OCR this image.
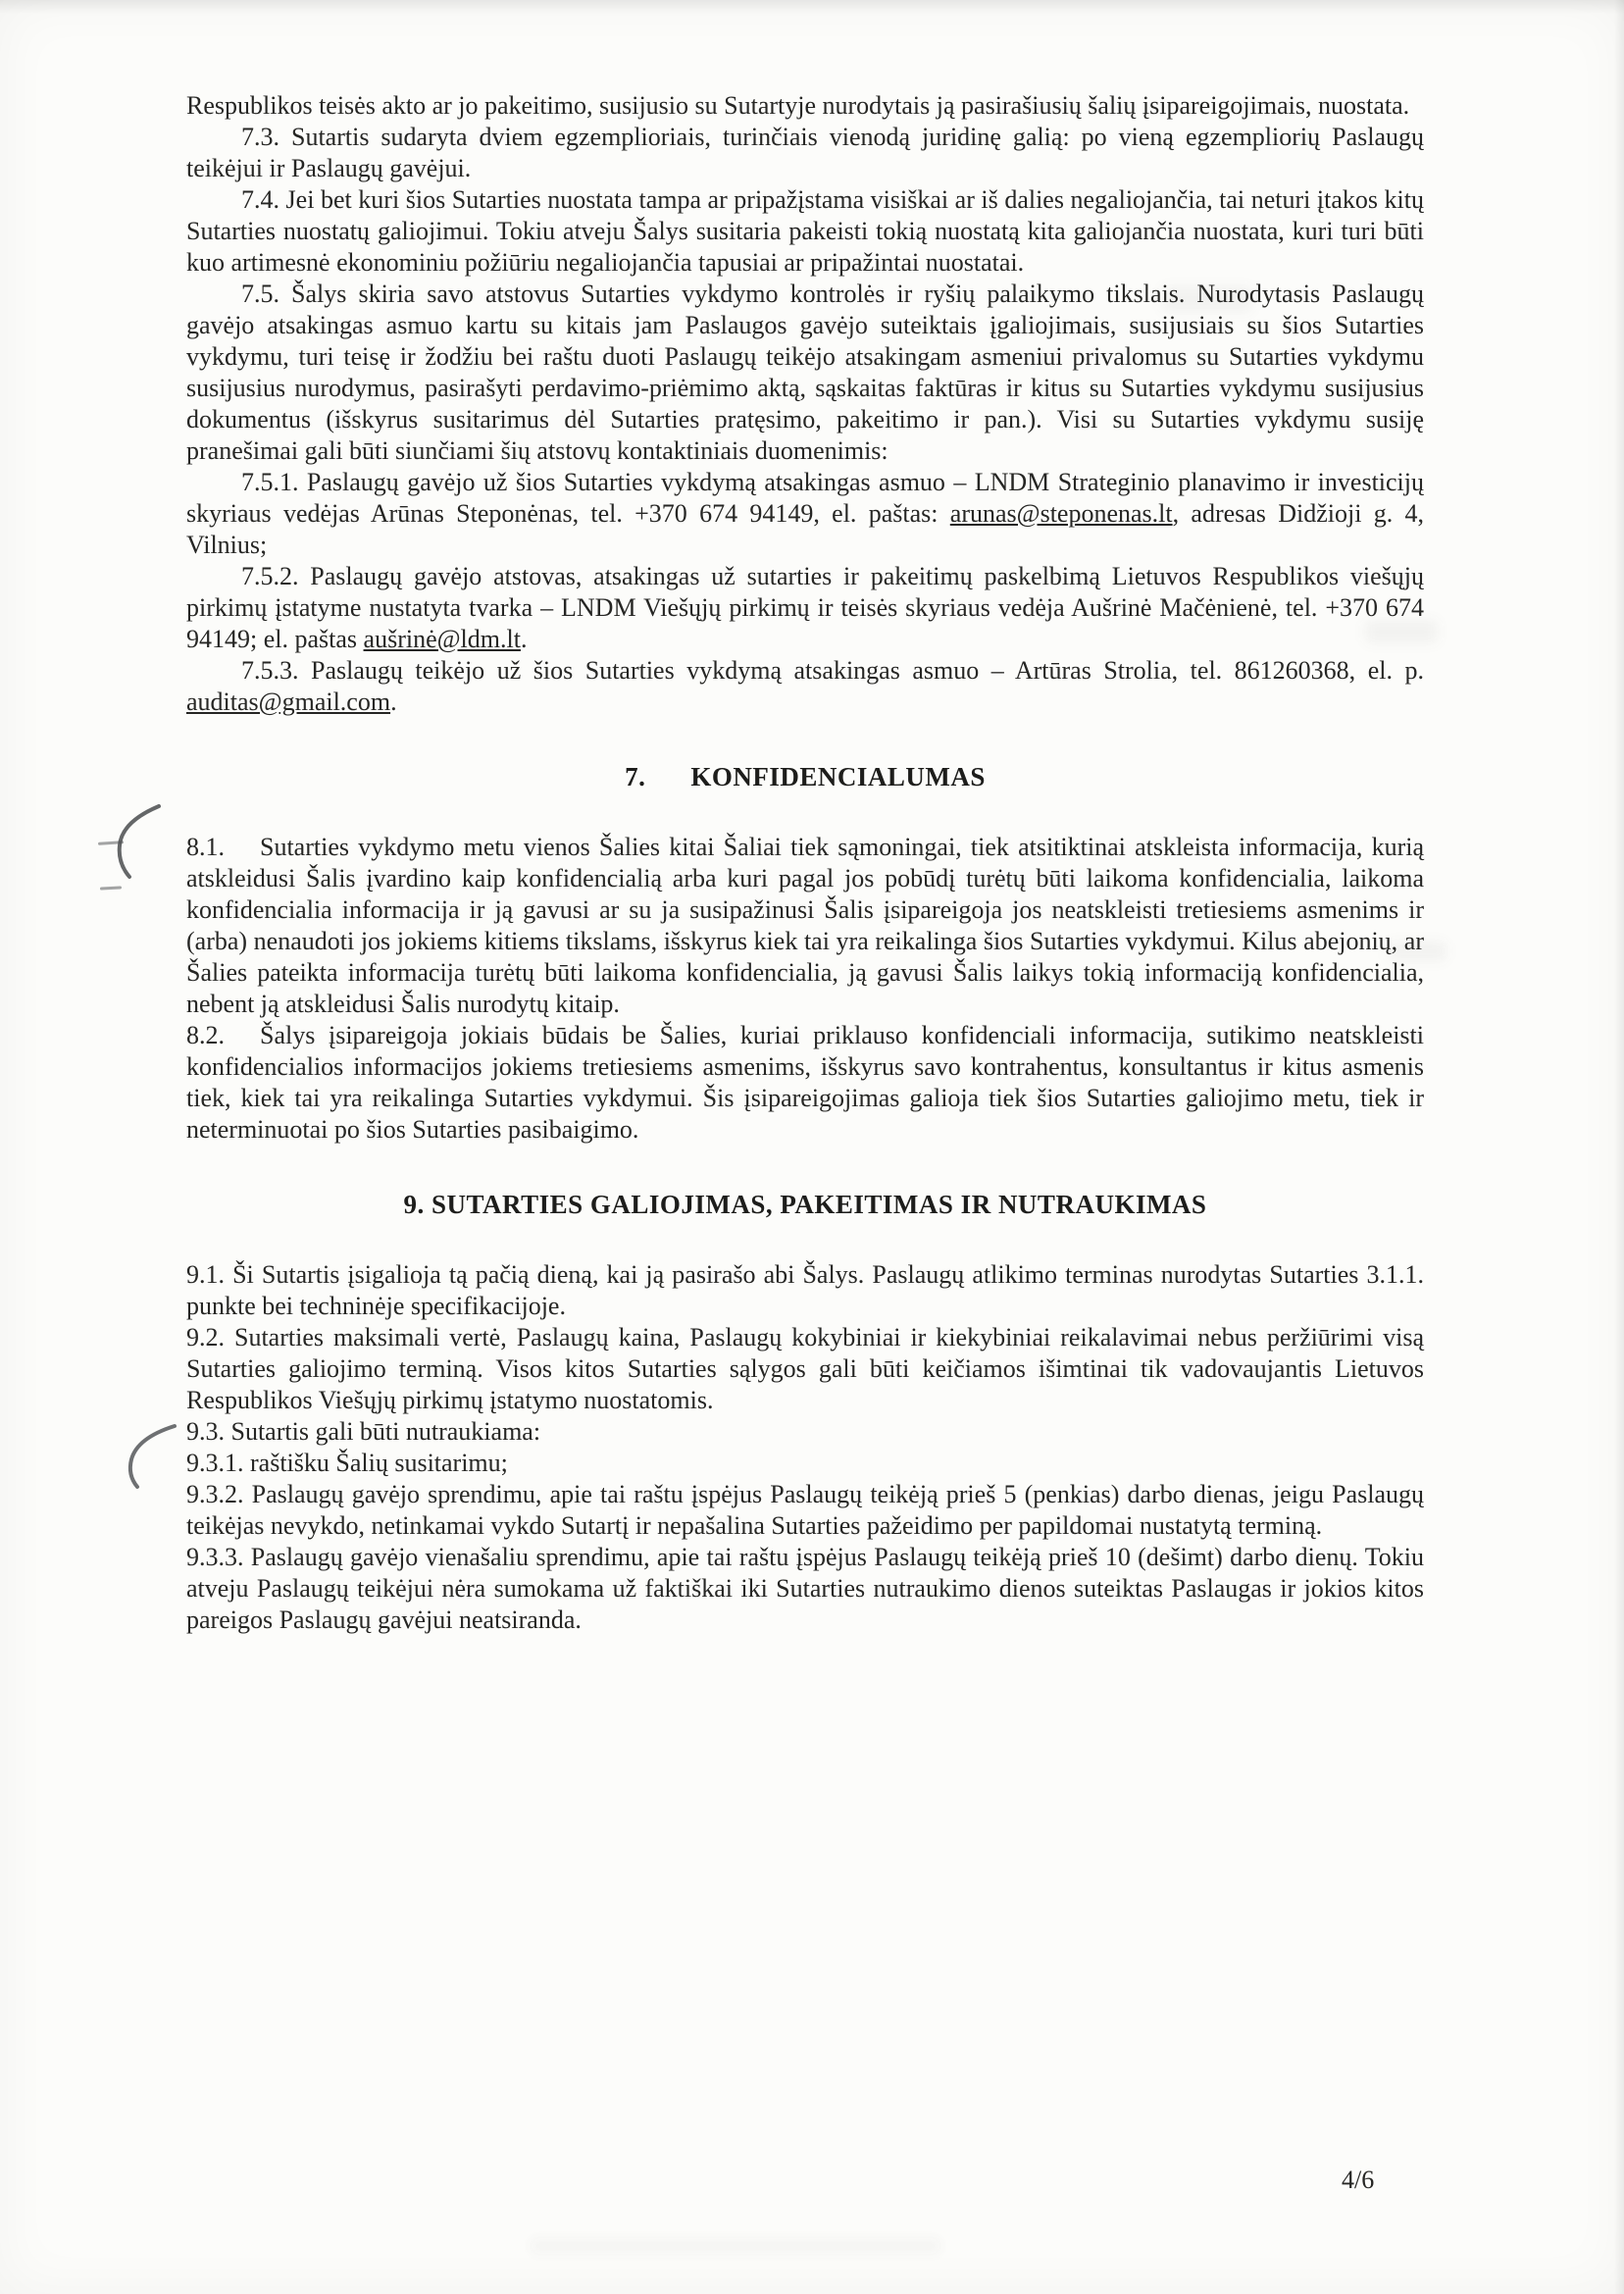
Respublikos teisės akto ar jo pakeitimo, susijusio su Sutartyje nurodytais ją pasirašiusių šalių įsipareigojimais, nuostata.

7.3. Sutartis sudaryta dviem egzemplioriais, turinčiais vienodą juridinę galią: po vieną egzempliorių Paslaugų teikėjui ir Paslaugų gavėjui.

7.4. Jei bet kuri šios Sutarties nuostata tampa ar pripažįstama visiškai ar iš dalies negaliojančia, tai neturi įtakos kitų Sutarties nuostatų galiojimui. Tokiu atveju Šalys susitaria pakeisti tokią nuostatą kita galiojančia nuostata, kuri turi būti kuo artimesnė ekonominiu požiūriu negaliojančia tapusiai ar pripažintai nuostatai.

7.5. Šalys skiria savo atstovus Sutarties vykdymo kontrolės ir ryšių palaikymo tikslais. Nurodytasis Paslaugų gavėjo atsakingas asmuo kartu su kitais jam Paslaugos gavėjo suteiktais įgaliojimais, susijusiais su šios Sutarties vykdymu, turi teisę ir žodžiu bei raštu duoti Paslaugų teikėjo atsakingam asmeniui privalomus su Sutarties vykdymu susijusius nurodymus, pasirašyti perdavimo-priėmimo aktą, sąskaitas faktūras ir kitus su Sutarties vykdymu susijusius dokumentus (išskyrus susitarimus dėl Sutarties pratęsimo, pakeitimo ir pan.). Visi su Sutarties vykdymu susiję pranešimai gali būti siunčiami šių atstovų kontaktiniais duomenimis:

7.5.1. Paslaugų gavėjo už šios Sutarties vykdymą atsakingas asmuo – LNDM Strateginio planavimo ir investicijų skyriaus vedėjas Arūnas Steponėnas, tel. +370 674 94149, el. paštas: arunas@steponenas.lt, adresas Didžioji g. 4, Vilnius;

7.5.2. Paslaugų gavėjo atstovas, atsakingas už sutarties ir pakeitimų paskelbimą Lietuvos Respublikos viešųjų pirkimų įstatyme nustatyta tvarka – LNDM Viešųjų pirkimų ir teisės skyriaus vedėja Aušrinė Mačėnienė, tel. +370 674 94149; el. paštas aušrinė@ldm.lt.

7.5.3. Paslaugų teikėjo už šios Sutarties vykdymą atsakingas asmuo – Artūras Strolia, tel. 861260368, el. p. auditas@gmail.com.

7. KONFIDENCIALUMAS

8.1. Sutarties vykdymo metu vienos Šalies kitai Šaliai tiek sąmoningai, tiek atsitiktinai atskleista informacija, kurią atskleidusi Šalis įvardino kaip konfidencialią arba kuri pagal jos pobūdį turėtų būti laikoma konfidencialia, laikoma konfidencialia informacija ir ją gavusi ar su ja susipažinusi Šalis įsipareigoja jos neatskleisti tretiesiems asmenims ir (arba) nenaudoti jos jokiems kitiems tikslams, išskyrus kiek tai yra reikalinga šios Sutarties vykdymui. Kilus abejonių, ar Šalies pateikta informacija turėtų būti laikoma konfidencialia, ją gavusi Šalis laikys tokią informaciją konfidencialia, nebent ją atskleidusi Šalis nurodytų kitaip.

8.2. Šalys įsipareigoja jokiais būdais be Šalies, kuriai priklauso konfidenciali informacija, sutikimo neatskleisti konfidencialios informacijos jokiems tretiesiems asmenims, išskyrus savo kontrahentus, konsultantus ir kitus asmenis tiek, kiek tai yra reikalinga Sutarties vykdymui. Šis įsipareigojimas galioja tiek šios Sutarties galiojimo metu, tiek ir neterminuotai po šios Sutarties pasibaigimo.

9. SUTARTIES GALIOJIMAS, PAKEITIMAS IR NUTRAUKIMAS

9.1. Ši Sutartis įsigalioja tą pačią dieną, kai ją pasirašo abi Šalys. Paslaugų atlikimo terminas nurodytas Sutarties 3.1.1. punkte bei techninėje specifikacijoje.

9.2. Sutarties maksimali vertė, Paslaugų kaina, Paslaugų kokybiniai ir kiekybiniai reikalavimai nebus peržiūrimi visą Sutarties galiojimo terminą. Visos kitos Sutarties sąlygos gali būti keičiamos išimtinai tik vadovaujantis Lietuvos Respublikos Viešųjų pirkimų įstatymo nuostatomis.

9.3. Sutartis gali būti nutraukiama:

9.3.1. raštišku Šalių susitarimu;

9.3.2. Paslaugų gavėjo sprendimu, apie tai raštu įspėjus Paslaugų teikėją prieš 5 (penkias) darbo dienas, jeigu Paslaugų teikėjas nevykdo, netinkamai vykdo Sutartį ir nepašalina Sutarties pažeidimo per papildomai nustatytą terminą.

9.3.3. Paslaugų gavėjo vienašaliu sprendimu, apie tai raštu įspėjus Paslaugų teikėją prieš 10 (dešimt) darbo dienų. Tokiu atveju Paslaugų teikėjui nėra sumokama už faktiškai iki Sutarties nutraukimo dienos suteiktas Paslaugas ir jokios kitos pareigos Paslaugų gavėjui neatsiranda.

4/6
